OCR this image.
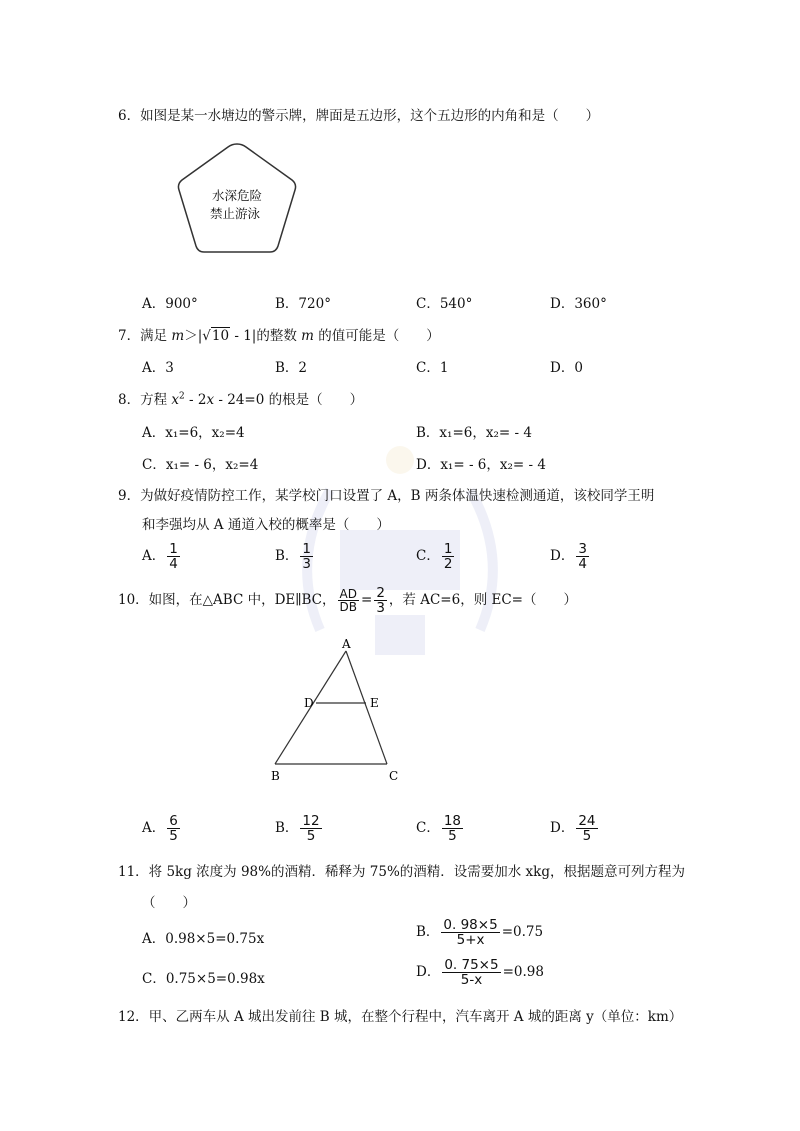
6．如图是某一水塘边的警示牌，牌面是五边形，这个五边形的内角和是（　　）
水深危险
禁止游泳
A．900°	B．720°	C．540°	D．360°
7．满足 m＞|√10 - 1|的整数 m 的值可能是（　　）
A．3	B．2	C．1	D．0
8．方程 $x^2 - 2x - 24=0$ 的根是（　　）
A．x₁=6，x₂=4	B．x₁=6，x₂= - 4
C．x₁= - 6，x₂=4	D．x₁= - 6，x₂= - 4
9．为做好疫情防控工作，某学校门口设置了 A，B 两条体温快速检测通道，该校同学王明
和李强均从 A 通道入校的概率是（　　）
A． $\frac{1}{4}$	B． $\frac{1}{3}$	C． $\frac{1}{2}$	D． $\frac{3}{4}$
10．如图，在△ABC 中，DE∥BC， $\frac{AD}{DB} = \frac{2}{3}$ ，若 AC=6，则 EC=（　　）
A
D	E
B	C
A． $\frac{6}{5}$	B． $\frac{12}{5}$	C． $\frac{18}{5}$	D． $\frac{24}{5}$
11．将 5kg 浓度为 98%的酒精．稀释为 75%的酒精．设需要加水 xkg，根据题意可列方程为
（　　）
A．0.98×5=0.75x	B． $\frac{0. 98\times 5}{5+x} =0.75$
C．0.75×5=0.98x	D． $\frac{0. 75\times 5}{5-x} =0.98$
12．甲、乙两车从 A 城出发前往 B 城，在整个行程中，汽车离开 A 城的距离 y（单位：km）
